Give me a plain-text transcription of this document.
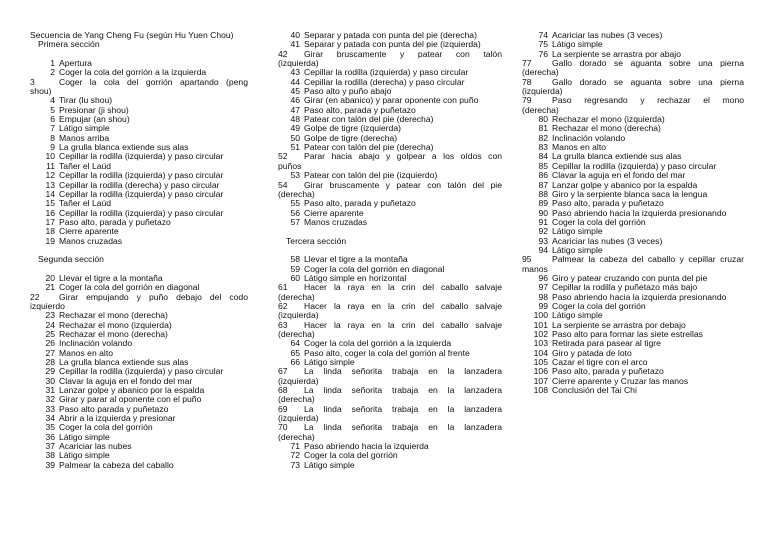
Secuencia de Yang Cheng Fu (según Hu Yuen Chou)
Primera sección
1 Apertura
2 Coger la cola del gorrión a la izquierda
3	Coger la cola del gorrión apartando (peng
shou)
4 Tirar (lu shou)
5 Presionar (ji shou)
6 Empujar (an shou)
7 Látigo simple
8 Manos arriba
9 La grulla blanca extiende sus alas
10 Cepillar la rodilla (izquierda) y paso circular
11 Tañer el Laúd
12 Cepillar la rodilla (izquierda) y paso circular
13 Cepillar la rodilla (derecha) y paso circular
14 Cepillar la rodilla (izquierda) y paso circular
15 Tañer el Laúd
16 Cepillar la rodilla (izquierda) y paso circular
17 Paso alto, parada y puñetazo
18 Cierre aparente
19 Manos cruzadas
Segunda sección
20 Llevar el tigre a la montaña
21 Coger la cola del gorrión en diagonal
22 Girar empujando y puño debajo del codo
izquierdo
23 Rechazar el mono (derecha)
24 Rechazar el mono (izquierda)
25 Rechazar el mono (derecha)
26 Inclinación volando
27 Manos en alto
28 La grulla blanca extiende sus alas
29 Cepillar la rodilla (izquierda) y paso circular
30 Clavar la aguja en el fondo del mar
31 Lanzar golpe y abanico por la espalda
32 Girar y parar al oponente con el puño
33 Paso alto parada y puñetazo
34 Abrir a la izquierda y presionar
35 Coger la cola del gorrión
36 Látigo simple
37 Acariciar las nubes
38 Látigo simple
39 Palmear la cabeza del caballo
40 Separar y patada con punta del pie (derecha)
41 Separar y patada con punta del pie (izquierda)
42 Girar bruscamente y patear con talón
(izquierda)
43 Cepillar la rodilla (izquierda) y paso circular
44 Cepillar la rodilla (derecha) y paso circular
45 Paso alto y puño abajo
46 Girar (en abanico) y parar oponente con puño
47 Paso alto, parada y puñetazo
48 Patear con talón del pie (derecha)
49 Golpe de tigre (izquierda)
50 Golpe de tigre (derecha)
51 Patear con talón del pie (derecha)
52 Parar hacia abajo y golpear a los oídos con
puños
53 Patear con talón del pie (izquierdo)
54 Girar bruscamente y patear con talón del pie
(derecha)
55 Paso alto, parada y puñetazo
56 Cierre aparente
57 Manos cruzadas
Tercera sección
58 Llevar el tigre a la montaña
59 Coger la cola del gorrión en diagonal
60 Látigo simple en horizontal
61 Hacer la raya en la crin del caballo salvaje
(derecha)
62 Hacer la raya en la crin del caballo salvaje
(izquierda)
63 Hacer la raya en la crin del caballo salvaje
(derecha)
64 Coger la cola del gorrión a la izquierda
65 Paso alto, coger la cola del gorrión al frente
66 Látigo simple
67 La linda señorita trabaja en la lanzadera
(izquierda)
68 La linda señorita trabaja en la lanzadera
(derecha)
69 La linda señorita trabaja en la lanzadera
(izquierda)
70 La linda señorita trabaja en la lanzadera
(derecha)
71 Paso abriendo hacia la izquierda
72 Coger la cola del gorrión
73 Látigo simple
74 Acariciar las nubes (3 veces)
75 Látigo simple
76 La serpiente se arrastra por abajo
77 Gallo dorado se aguanta sobre una pierna
(derecha)
78 Gallo dorado se aguanta sobre una pierna
(izquierda)
79 Paso regresando y rechazar el mono
(derecha)
80 Rechazar el mono (izquierda)
81 Rechazar el mono (derecha)
82 Inclinación volando
83 Manos en alto
84 La grulla blanca extiende sus alas
85 Cepillar la rodilla (izquierda) y paso circular
86 Clavar la aguja en el fondo del mar
87 Lanzar golpe y abanico por la espalda
88 Giro y la serpiente blanca saca la lengua
89 Paso alto, parada y puñetazo
90 Paso abriendo hacia la izquierda presionando
91 Coger la cola del gorrión
92 Látigo simple
93 Acariciar las nubes (3 veces)
94 Látigo simple
95 Palmear la cabeza del caballo y cepillar cruzar
manos
96 Giro y patear cruzando con punta del pie
97 Cepillar la rodilla y puñetazo más bajo
98 Paso abriendo hacia la izquierda presionando
99 Coger la cola del gorrión
100 Látigo simple
101 La serpiente se arrastra por debajo
102 Paso alto para formar las siete estrellas
103 Retirada para pasear al tigre
104 Giro y patada de loto
105 Cazar el tigre con el arco
106 Paso alto, parada y puñetazo
107 Cierre aparente y Cruzar las manos
108 Conclusión del Tai Chi
